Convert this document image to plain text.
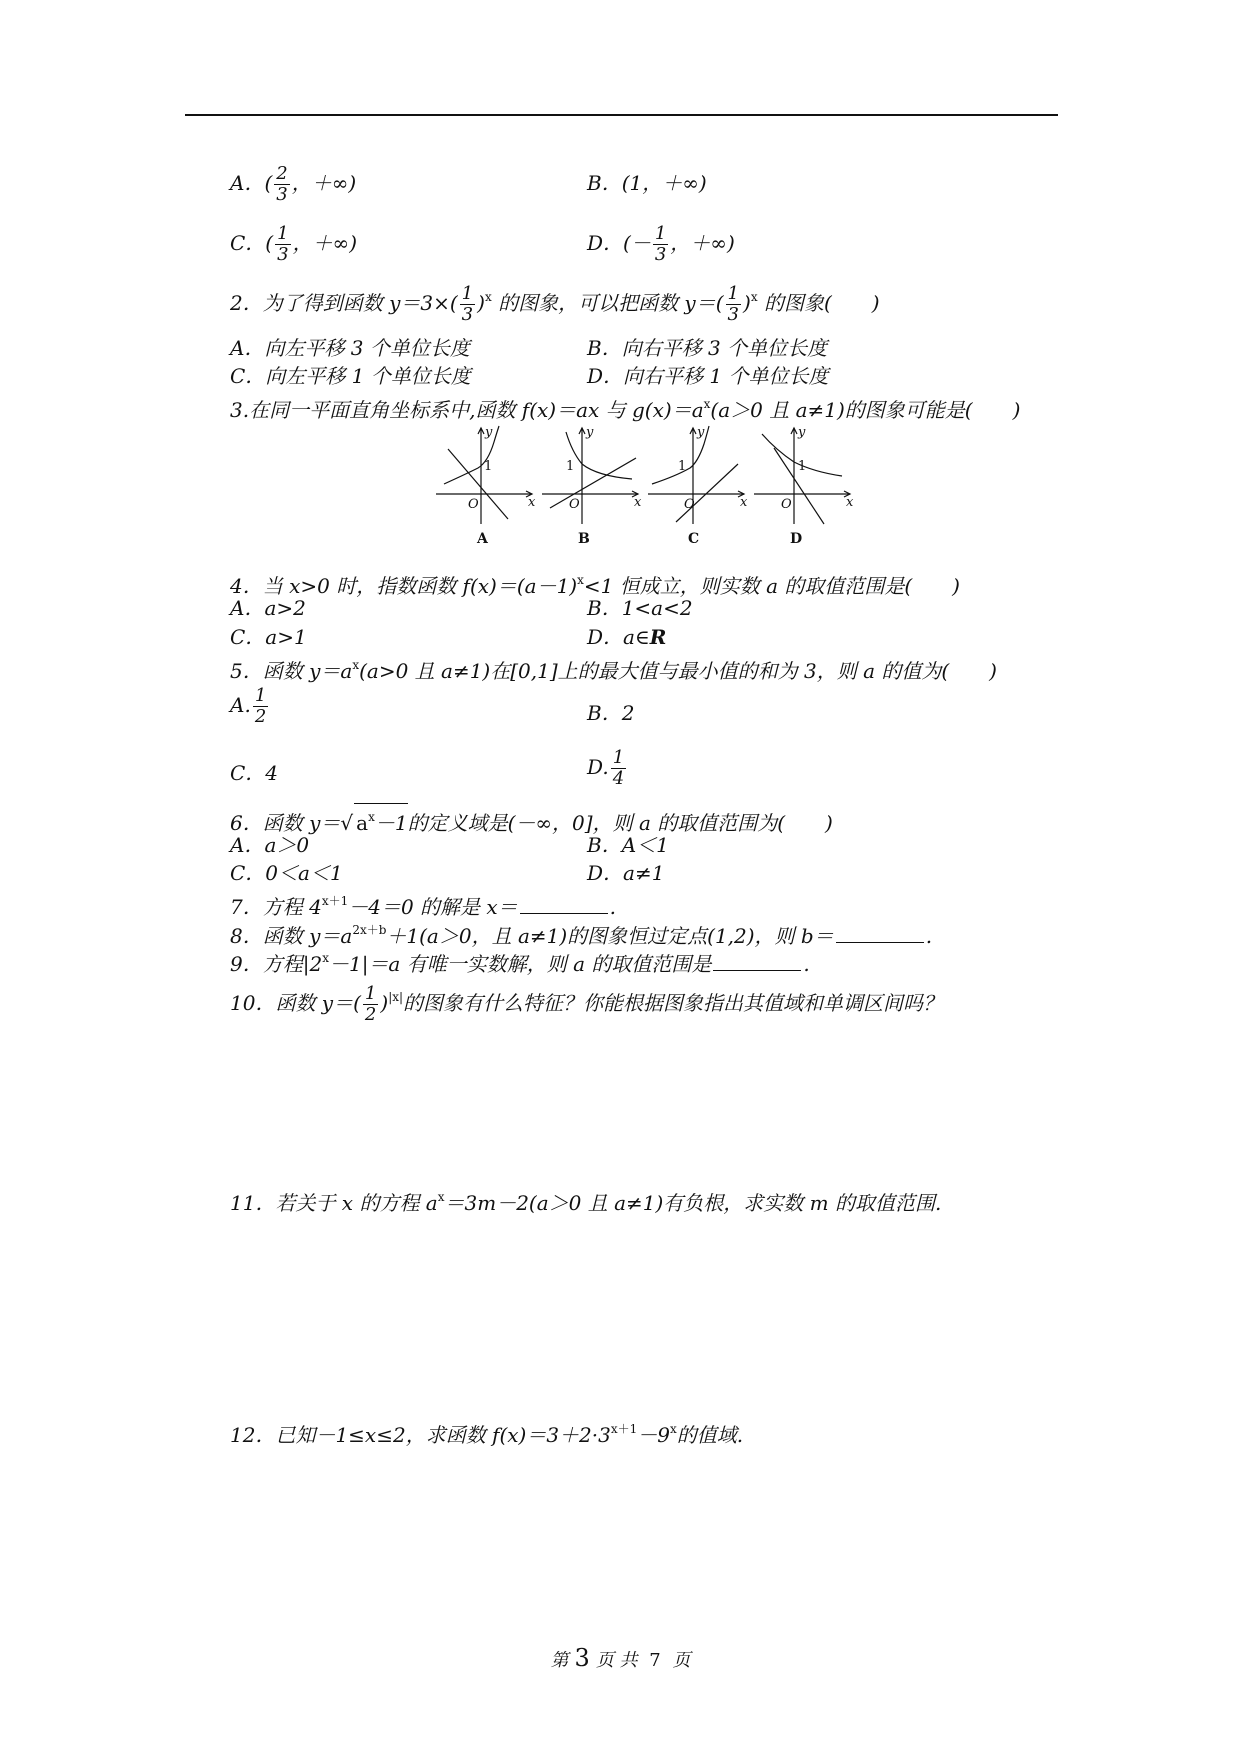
A．( $\frac{2}{3}$ ，＋∞)	B．(1，＋∞)
C．( $\frac{1}{3}$ ，＋∞)	D．(－ $\frac{1}{3}$ ，＋∞)
2．为了得到函数 $y=3\times( \frac{1}{3} )^x$ 的图象，可以把函数 $y=( \frac{1}{3} )^x$ 的图象(　　)
A．向左平移 3 个单位长度	B．向右平移 3 个单位长度
C．向左平移 1 个单位长度	D．向右平移 1 个单位长度
3.在同一平面直角坐标系中,函数 f(x)＝ax 与 $g(x)=a^x(a>0$ 且 a≠1)的图象可能是(　　)
y
x
O
1
y
x
O
1
y
x
O
1
y
x
O
1
A	B	C	D
4．当 x>0 时，指数函数 $f(x)=(a-1)^x<1$ 恒成立，则实数 a 的取值范围是(　　)
A．a>2	B．1<a<2
C．a>1	D．a∈R
5．函数 $y=a^x(a>0$ 且 a≠1)在[0,1]上的最大值与最小值的和为 3，则 a 的值为(　　)
A. $\frac{1}{2}$	B．2
C．4	D. $\frac{1}{4}$
6．函数 y＝√ $a^x-1$的定义域是(－∞，0]，则 a 的取值范围为(　　)
A．a＞0	B．A＜1
C．0＜a＜1	D．a≠1
7．方程 $4^{x+1}-4=0$ 的解是 x＝	.
8．函数 $y=a^{2x+b}+1(a>0$，且 a≠1)的图象恒过定点(1,2)，则 b＝	.
9．方程$|2^x-1|=a$ 有唯一实数解，则 a 的取值范围是	.
10．函数 $y=( \frac{1}{2} )^{|x|}$的图象有什么特征？你能根据图象指出其值域和单调区间吗？
11．若关于 x 的方程 $a^x=3m-2(a>0$ 且 a≠1)有负根，求实数 m 的取值范围.
12．已知－1≤x≤2，求函数 $f(x)=3+2\cdot 3^{x+1}-9^x$的值域.
第 3 页 共 7 页
